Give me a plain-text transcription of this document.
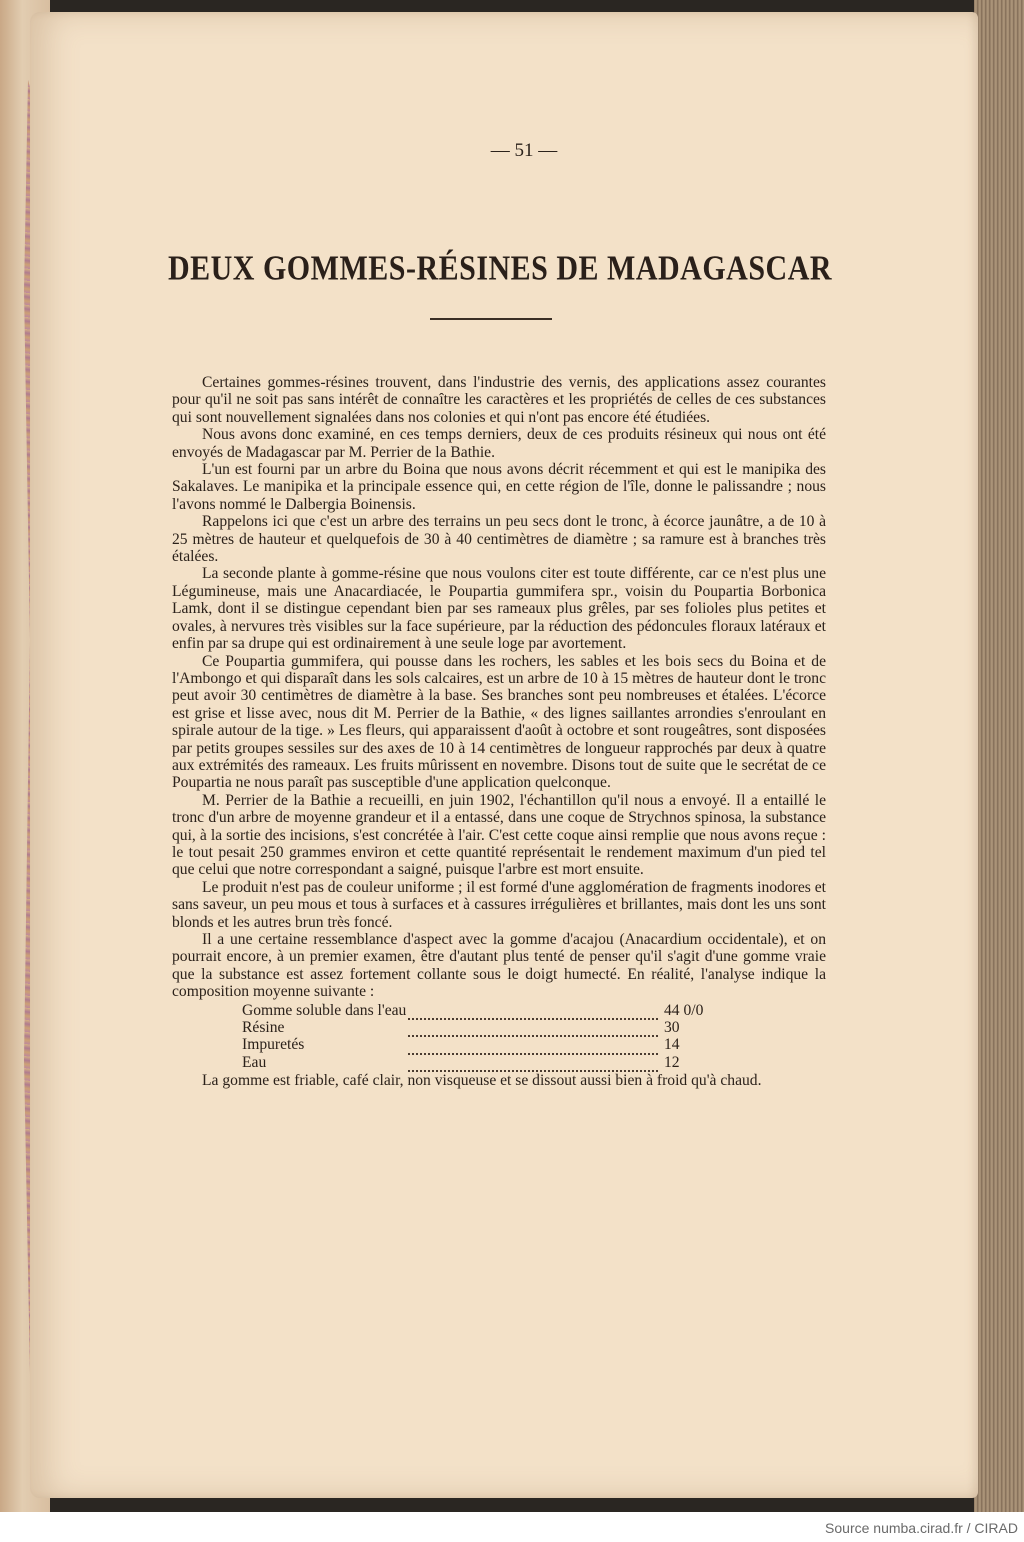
— 51 —
DEUX GOMMES-RÉSINES DE MADAGASCAR

Certaines gommes-résines trouvent, dans l'industrie des vernis, des applications assez courantes pour qu'il ne soit pas sans intérêt de connaître les caractères et les propriétés de celles de ces substances qui sont nouvellement signalées dans nos colonies et qui n'ont pas encore été étudiées.

Nous avons donc examiné, en ces temps derniers, deux de ces produits résineux qui nous ont été envoyés de Madagascar par M. Perrier de la Bathie.

L'un est fourni par un arbre du Boina que nous avons décrit récemment et qui est le manipika des Sakalaves. Le manipika et la principale essence qui, en cette région de l'île, donne le palissandre ; nous l'avons nommé le Dalbergia Boinensis.

Rappelons ici que c'est un arbre des terrains un peu secs dont le tronc, à écorce jaunâtre, a de 10 à 25 mètres de hauteur et quelquefois de 30 à 40 centimètres de diamètre ; sa ramure est à branches très étalées.

La seconde plante à gomme-résine que nous voulons citer est toute différente, car ce n'est plus une Légumineuse, mais une Anacardiacée, le Poupartia gummifera spr., voisin du Poupartia Borbonica Lamk, dont il se distingue cependant bien par ses rameaux plus grêles, par ses folioles plus petites et ovales, à nervures très visibles sur la face supérieure, par la réduction des pédoncules floraux latéraux et enfin par sa drupe qui est ordinairement à une seule loge par avortement.

Ce Poupartia gummifera, qui pousse dans les rochers, les sables et les bois secs du Boina et de l'Ambongo et qui disparaît dans les sols calcaires, est un arbre de 10 à 15 mètres de hauteur dont le tronc peut avoir 30 centimètres de diamètre à la base. Ses branches sont peu nombreuses et étalées. L'écorce est grise et lisse avec, nous dit M. Perrier de la Bathie, « des lignes saillantes arrondies s'enroulant en spirale autour de la tige. » Les fleurs, qui apparaissent d'août à octobre et sont rougeâtres, sont disposées par petits groupes sessiles sur des axes de 10 à 14 centimètres de longueur rapprochés par deux à quatre aux extrémités des rameaux. Les fruits mûrissent en novembre. Disons tout de suite que le secrétat de ce Poupartia ne nous paraît pas susceptible d'une application quelconque.

M. Perrier de la Bathie a recueilli, en juin 1902, l'échantillon qu'il nous a envoyé. Il a entaillé le tronc d'un arbre de moyenne grandeur et il a entassé, dans une coque de Strychnos spinosa, la substance qui, à la sortie des incisions, s'est concrétée à l'air. C'est cette coque ainsi remplie que nous avons reçue : le tout pesait 250 grammes environ et cette quantité représentait le rendement maximum d'un pied tel que celui que notre correspondant a saigné, puisque l'arbre est mort ensuite.

Le produit n'est pas de couleur uniforme ; il est formé d'une agglomération de fragments inodores et sans saveur, un peu mous et tous à surfaces et à cassures irrégulières et brillantes, mais dont les uns sont blonds et les autres brun très foncé.

Il a une certaine ressemblance d'aspect avec la gomme d'acajou (Anacardium occidentale), et on pourrait encore, à un premier examen, être d'autant plus tenté de penser qu'il s'agit d'une gomme vraie que la substance est assez fortement collante sous le doigt humecté. En réalité, l'analyse indique la composition moyenne suivante :

Gomme soluble dans l'eau		44 0/0
Résine		30
Impuretés		14
Eau		12

La gomme est friable, café clair, non visqueuse et se dissout aussi bien à froid qu'à chaud.

Source numba.cirad.fr / CIRAD
